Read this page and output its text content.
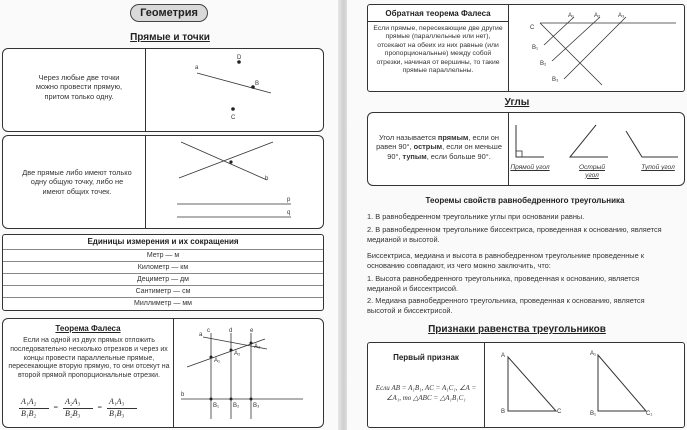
Геометрия
Прямые и точки
Через любые две точки можно провести прямую, притом только одну.
a
D
B
C
Две прямые либо имеют только одну общую точку, либо не имеют общих точек.
b
p
q
Единицы измерения и их сокращения
Метр — м
Километр — км
Дециметр — дм
Сантиметр — см
Миллиметр — мм
Теорема Фалеса
Если на одной из двух прямых отложить последовательно несколько отрезков и через их концы провести параллельные прямые, пересекающие вторую прямую, то они отсекут на второй прямой пропорциональные отрезки.
A₁A₂
B₁B₂
=
A₂A₃
B₂B₃
=
A₁A₃
B₁B₃
c	d	e
a
b
A₁
A₂
A₃
B₁ B₂ B₃
Обратная теорема Фалеса
Если прямые, пересекающие две другие прямые (параллельные или нет), отсекают на обеих из них равные (или пропорциональные) между собой отрезки, начиная от вершины, то такие прямые параллельны.
C
A₁	A₂	A₃
B₁
B₂
B₃
Углы
Угол называется прямым, если он равен 90°, острым, если он меньше 90°, тупым, если больше 90°.
Прямой угол	Острый угол
Тупой угол
Теоремы свойств равнобедренного треугольника
1. В равнобедренном треугольнике углы при основании равны.
2. В равнобедренном треугольнике биссектриса, проведенная к основанию, является медианой и высотой.
Биссектриса, медиана и высота в равнобедренном треугольнике проведенные к основанию совпадают, из чего можно заключить, что:
1. Высота равнобедренного треугольника, проведенная к основанию, является медианой и биссектрисой.
2. Медиана равнобедренного треугольника, проведенная к основанию, является высотой и биссектрисой.
Признаки равенства треугольников
Первый признак
Если AB = A₁B₁, AC = A₁C₁, ∠A = ∠A₁, то △ABC = △A₁B₁C₁
A
B	C
A₁
B₁	C₁
